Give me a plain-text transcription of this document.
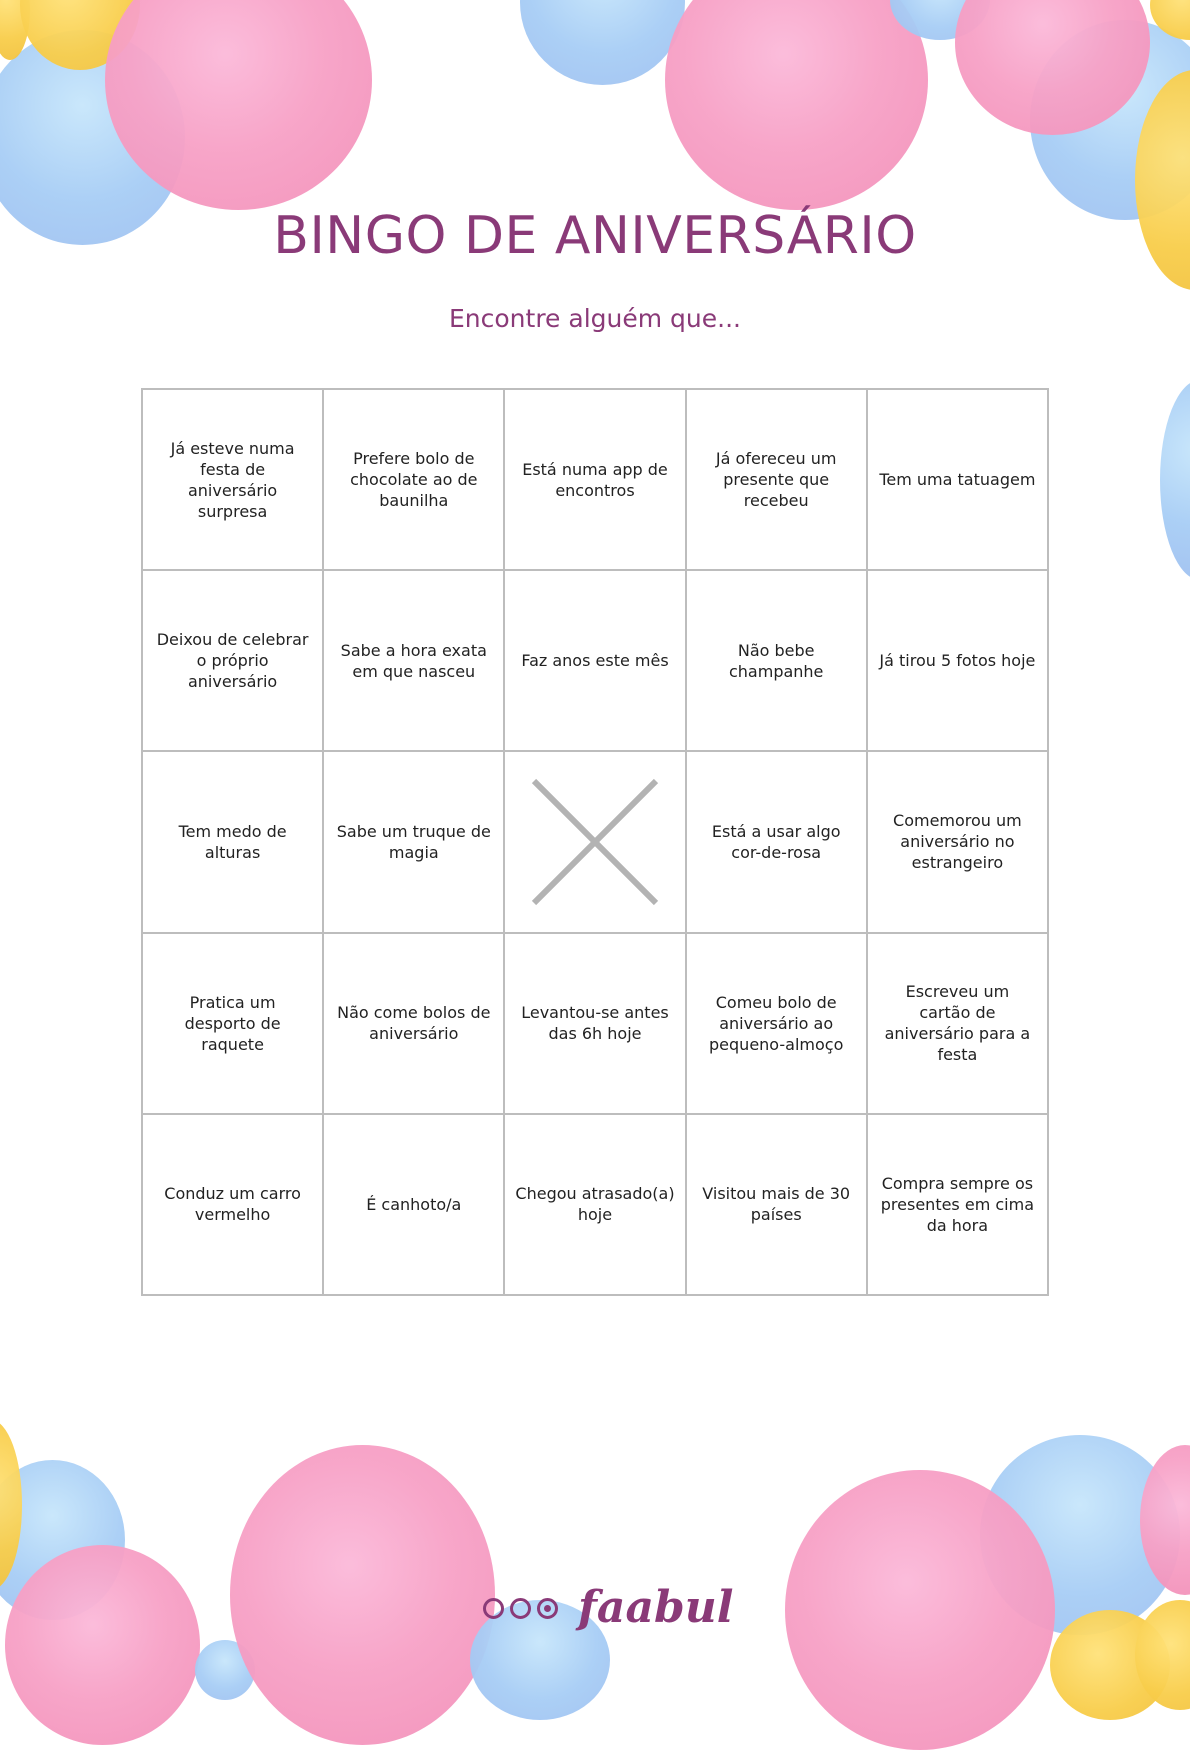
BINGO DE ANIVERSÁRIO
Encontre alguém que...
Já esteve numa festa de aniversário surpresa
Prefere bolo de chocolate ao de baunilha
Está numa app de encontros
Já ofereceu um presente que recebeu
Tem uma tatuagem
Deixou de celebrar o próprio aniversário
Sabe a hora exata em que nasceu
Faz anos este mês
Não bebe champanhe
Já tirou 5 fotos hoje
Tem medo de alturas
Sabe um truque de magia
Está a usar algo cor-de-rosa
Comemorou um aniversário no estrangeiro
Pratica um desporto de raquete
Não come bolos de aniversário
Levantou-se antes das 6h hoje
Comeu bolo de aniversário ao pequeno-almoço
Escreveu um cartão de aniversário para a festa
Conduz um carro vermelho
É canhoto/a
Chegou atrasado(a) hoje
Visitou mais de 30 países
Compra sempre os presentes em cima da hora
faabul
